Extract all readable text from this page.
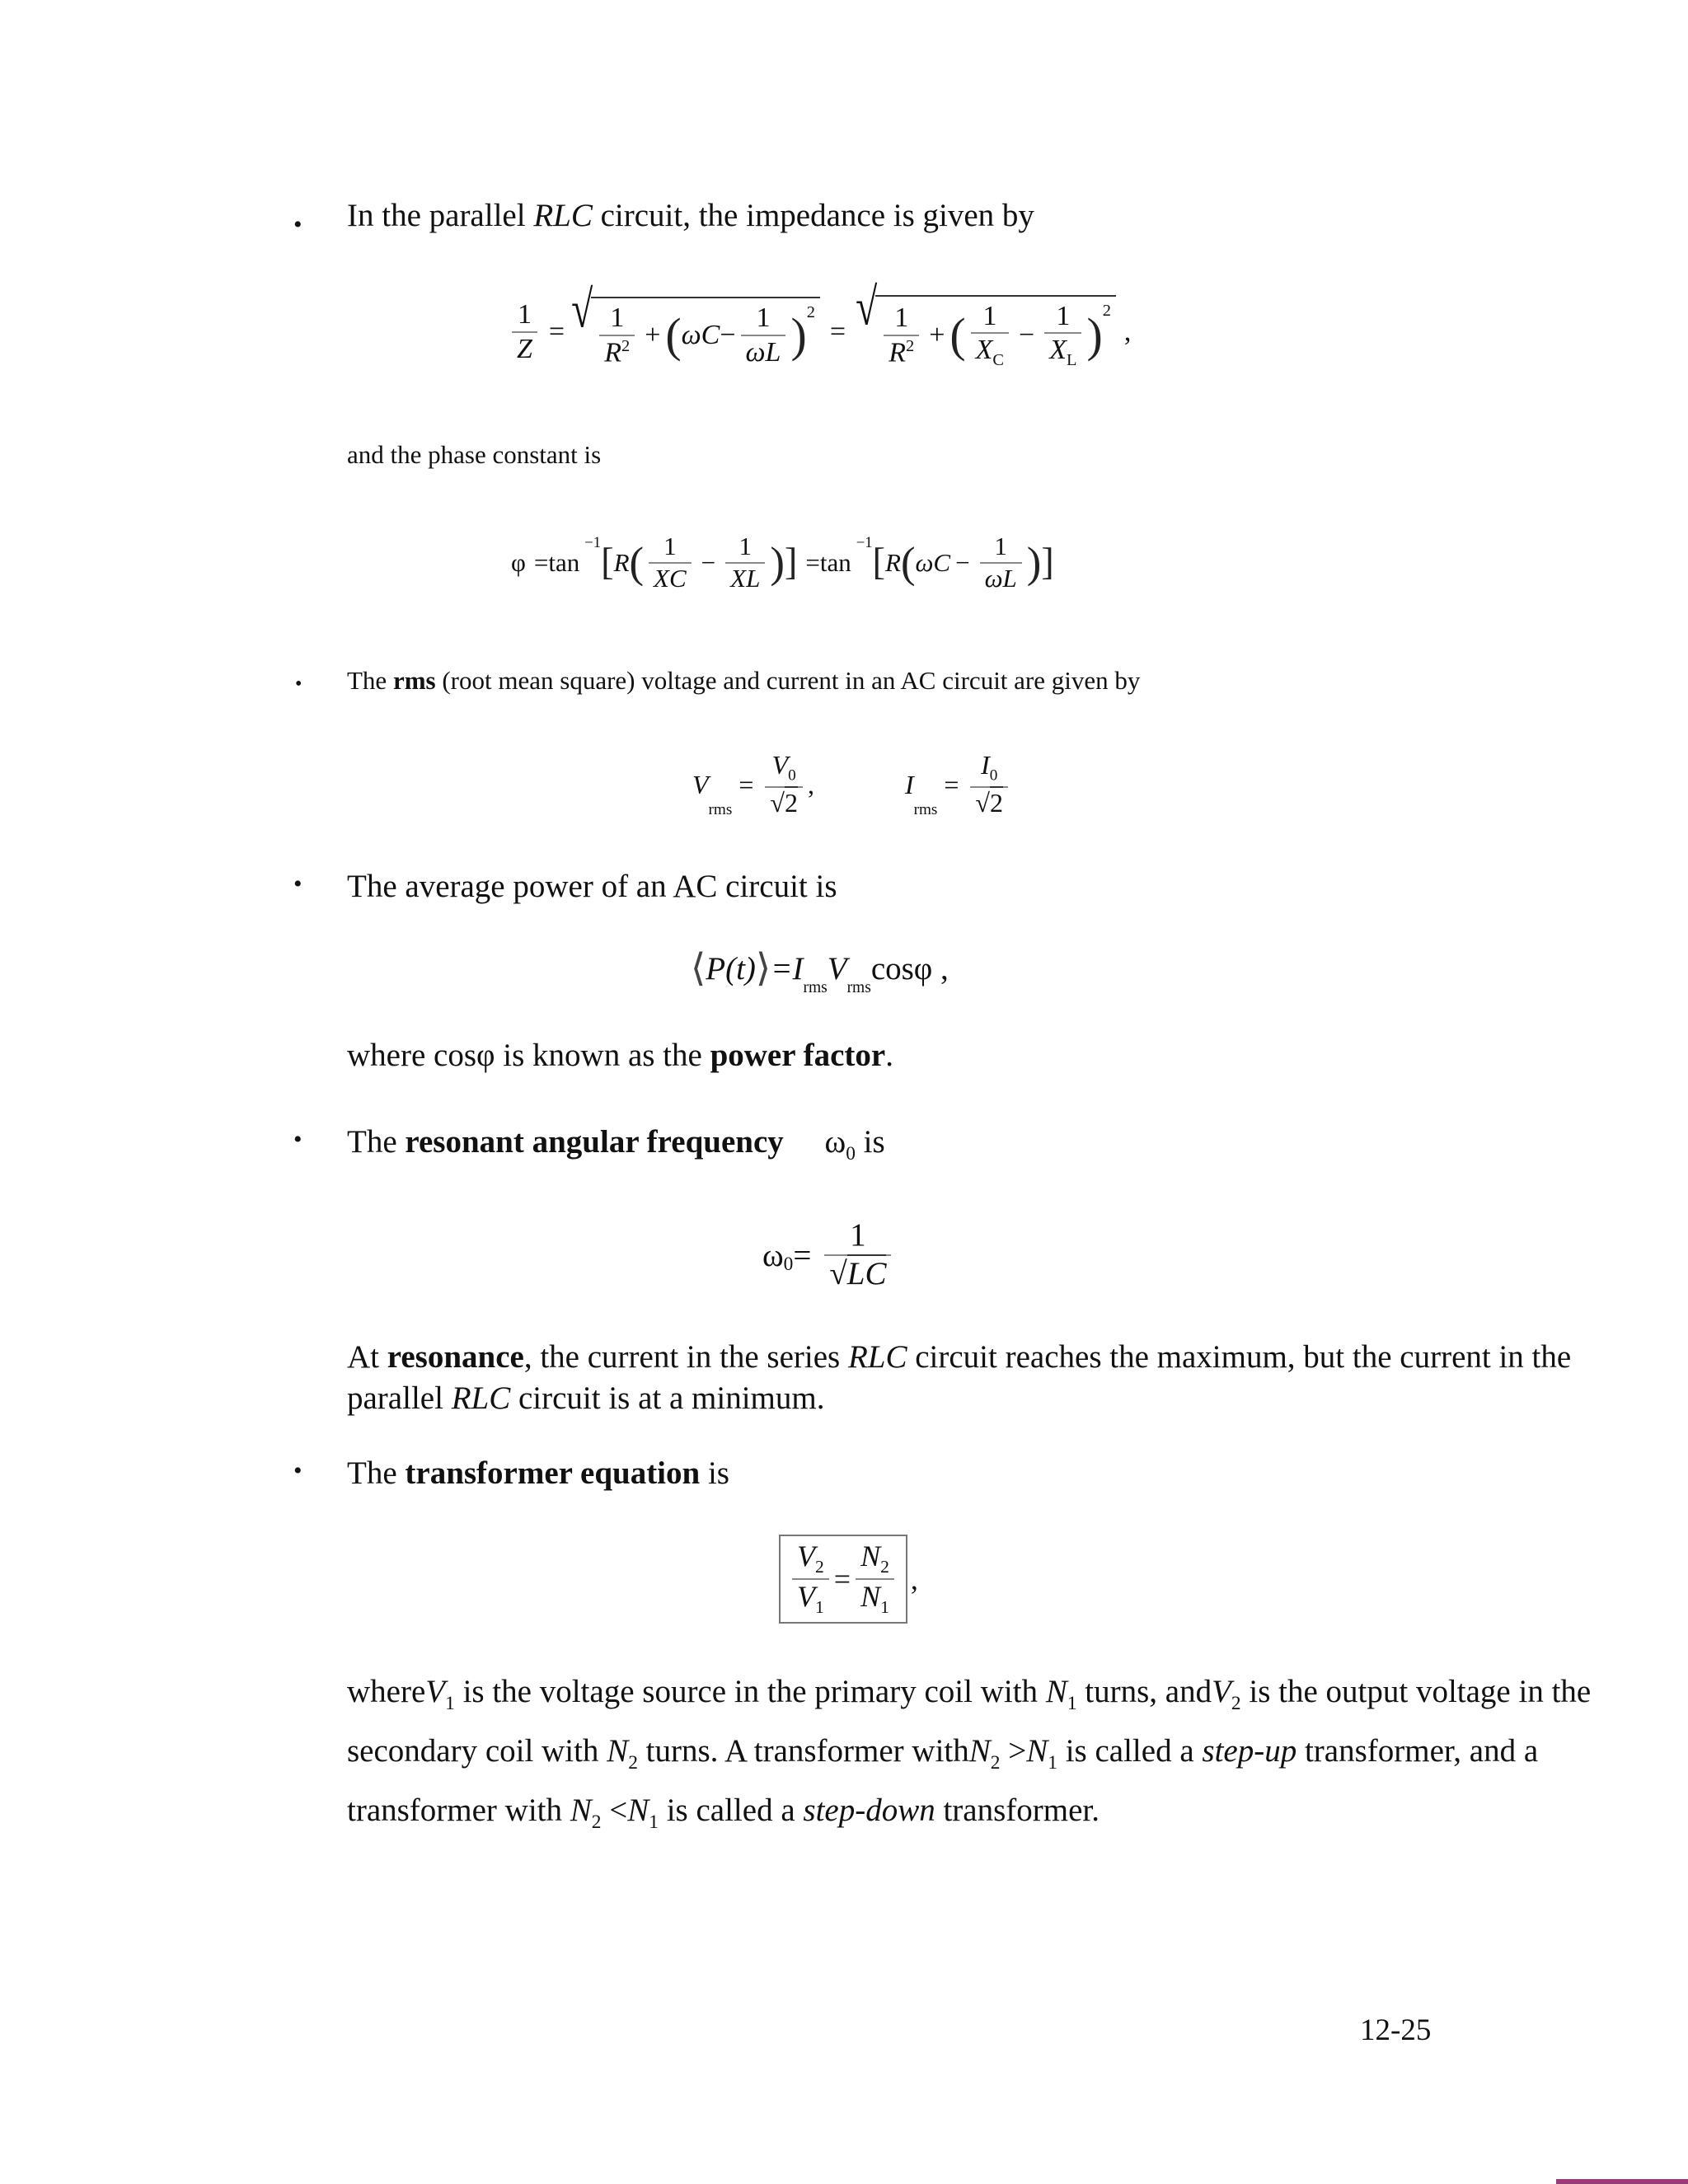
• In the parallel RLC circuit, the impedance is given by
$\frac{1}{Z}$ = √ $\frac{1}{R^2}$ + ( $\omega C - \frac{1}{\omega L} )^2$
= √ $\frac{1}{R^2}$ + ( $\frac{1}{X_C} - \frac{1}{X_L} )^2$
,
and the phase constant is
φ =tan
$^{-1}$ [ R ( $\frac{1}{XC} - \frac{1}{XL}$ ) ] =tan
$^{-1}$ [ R ( $\omega C - \frac{1}{\omega L}$ ) ]
• The rms (root mean square) voltage and current in an AC circuit are given by
V
rms
= $\frac{V_0}{√2}$ ,	I
rms
= $\frac{I_0}{√2}$
• The average power of an AC circuit is
⟨ P(t) ⟩ =I
$_{rms}$
V
$_{rms}$
cosφ ,
where cosφ is known as the power factor.
• The resonant angular frequency $\omega_0$ is
$\omega_0 = \frac{1}{√LC}$
At resonance, the current in the series RLC circuit reaches the maximum, but the current in the parallel RLC circuit is at a minimum.
• The transformer equation is
$\frac{V_2}{V_1} = \frac{N_2}{N_1}$ ,
whereV$_1$ is the voltage source in the primary coil with $N_1$ turns, andV$_2$ is the output voltage in the secondary coil with $N_2$ turns. A transformer withN$_2$ $>N_1$ is called a step-up transformer, and a transformer with $N_2 <N_1$ is called a step-down transformer.
12-25
